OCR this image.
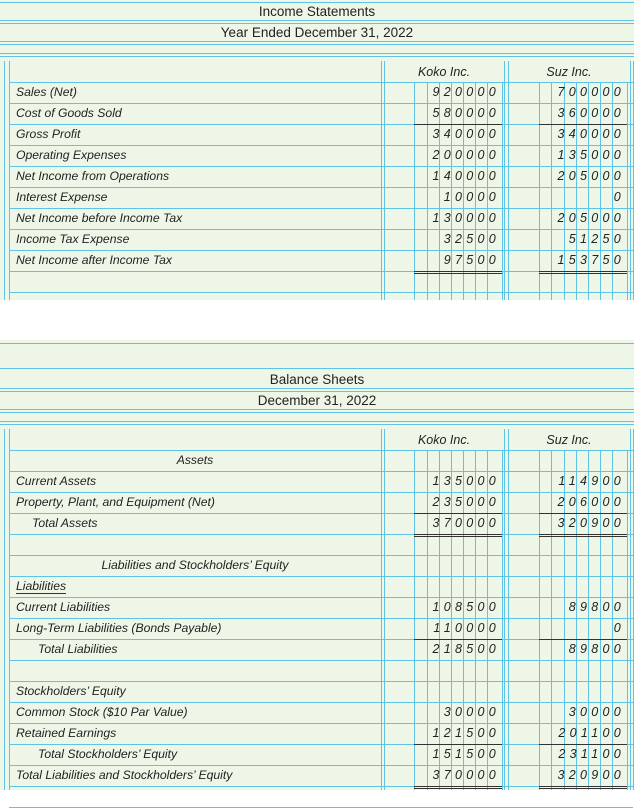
Income Statements
Year Ended December 31, 2022
Koko Inc.	Suz Inc.
Balance Sheets
December 31, 2022
Koko Inc.	Suz Inc.
Sales (Net)	920000	700000
Cost of Goods Sold	580000	360000
Gross Profit	340000	340000
Operating Expenses	200000	135000
Net Income from Operations	140000	205000
Interest Expense	10000	0
Net Income before Income Tax	130000	205000
Income Tax Expense	32500	51250
Net Income after Income Tax	97500	153750
Assets
Current Assets	135000	114900
Property, Plant, and Equipment (Net)	235000	206000
Total Assets	370000	320900
Liabilities and Stockholders’ Equity
Liabilities
Current Liabilities	108500	89800
Long-Term Liabilities (Bonds Payable)	110000	0
Total Liabilities	218500	89800
Stockholders’ Equity
Common Stock ($10 Par Value)	30000	30000
Retained Earnings	121500	201100
Total Stockholders’ Equity	151500	231100
Total Liabilities and Stockholders’ Equity	370000	320900
